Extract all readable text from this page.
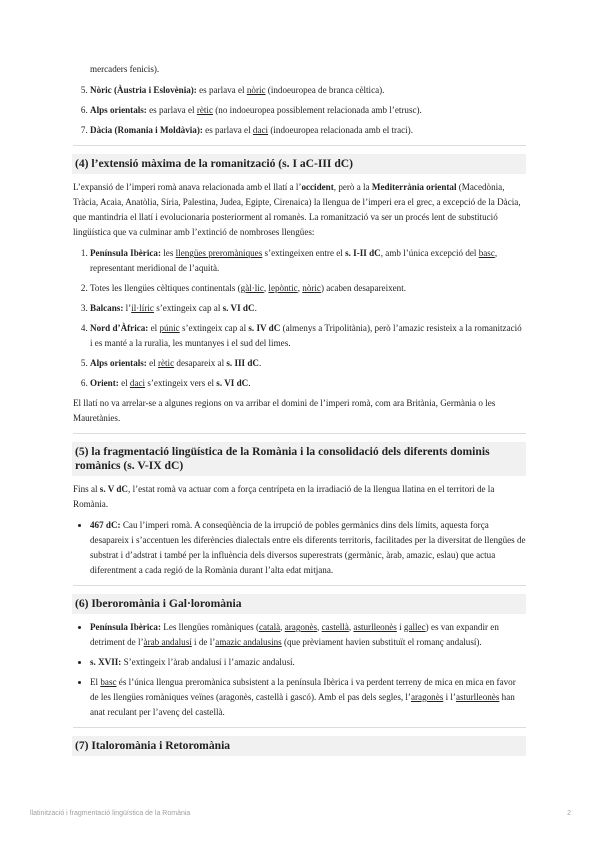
mercaders fenicis).
5. Nòric (Àustria i Eslovènia): es parlava el nòric (indoeuropea de branca cèltica).
6. Alps orientals: es parlava el rètic (no indoeuropea possiblement relacionada amb l’etrusc).
7. Dàcia (Romania i Moldàvia): es parlava el daci (indoeuropea relacionada amb el traci).
(4) l’extensió màxima de la romanització (s. I aC-III dC)

L’expansió de l’imperi romà anava relacionada amb el llatí a l’occident, però a la Mediterrània oriental (Macedònia, Tràcia, Acaia, Anatòlia, Síria, Palestina, Judea, Egipte, Cirenaica) la llengua de l’imperi era el grec, a excepció de la Dàcia, que mantindria el llatí i evolucionaria posteriorment al romanès. La romanització va ser un procés lent de substitució lingüística que va culminar amb l’extinció de nombroses llengües:

1. Península Ibèrica: les llengües preromàniques s’extingeixen entre el s. I-II dC, amb l’única excepció del basc, representant meridional de l’aquità.
2. Totes les llengües cèltiques continentals (gàl·lic, lepòntic, nòric) acaben desapareixent.
3. Balcans: l’il·líric s’extingeix cap al s. VI dC.
4. Nord d’Àfrica: el púnic s’extingeix cap al s. IV dC (almenys a Tripolitània), però l’amazic resisteix a la romanització i es manté a la ruralia, les muntanyes i el sud del limes.
5. Alps orientals: el rètic desapareix al s. III dC.
6. Orient: el daci s’extingeix vers el s. VI dC.

El llatí no va arrelar-se a algunes regions on va arribar el domini de l’imperi romà, com ara Britània, Germània o les Mauretànies.

(5) la fragmentació lingüística de la Romània i la consolidació dels diferents dominis romànics (s. V-IX dC)

Fins al s. V dC, l’estat romà va actuar com a força centrípeta en la irradiació de la llengua llatina en el territori de la Romània.

• 467 dC: Cau l’imperi romà. A conseqüència de la irrupció de pobles germànics dins dels límits, aquesta força desapareix i s’accentuen les diferències dialectals entre els diferents territoris, facilitades per la diversitat de llengües de substrat i d’adstrat i també per la influència dels diversos superestrats (germànic, àrab, amazic, eslau) que actua diferentment a cada regió de la Romània durant l’alta edat mitjana.
(6) Iberoromània i Gal·loromània
• Península Ibèrica: Les llengües romàniques (català, aragonès, castellà, asturlleonès i gallec) es van expandir en detriment de l’àrab andalusí i de l’amazic andalusins (que prèviament havien substituït el romanç andalusí).
• s. XVII: S’extingeix l’àrab andalusí i l’amazic andalusí.
• El basc és l’única llengua preromànica subsistent a la península Ibèrica i va perdent terreny de mica en mica en favor de les llengües romàniques veïnes (aragonès, castellà i gascó). Amb el pas dels segles, l’aragonès i l’asturlleonès han anat reculant per l’avenç del castellà.
(7) Italoromània i Retoromània
llatinització i fragmentació lingüística de la Romània	2
